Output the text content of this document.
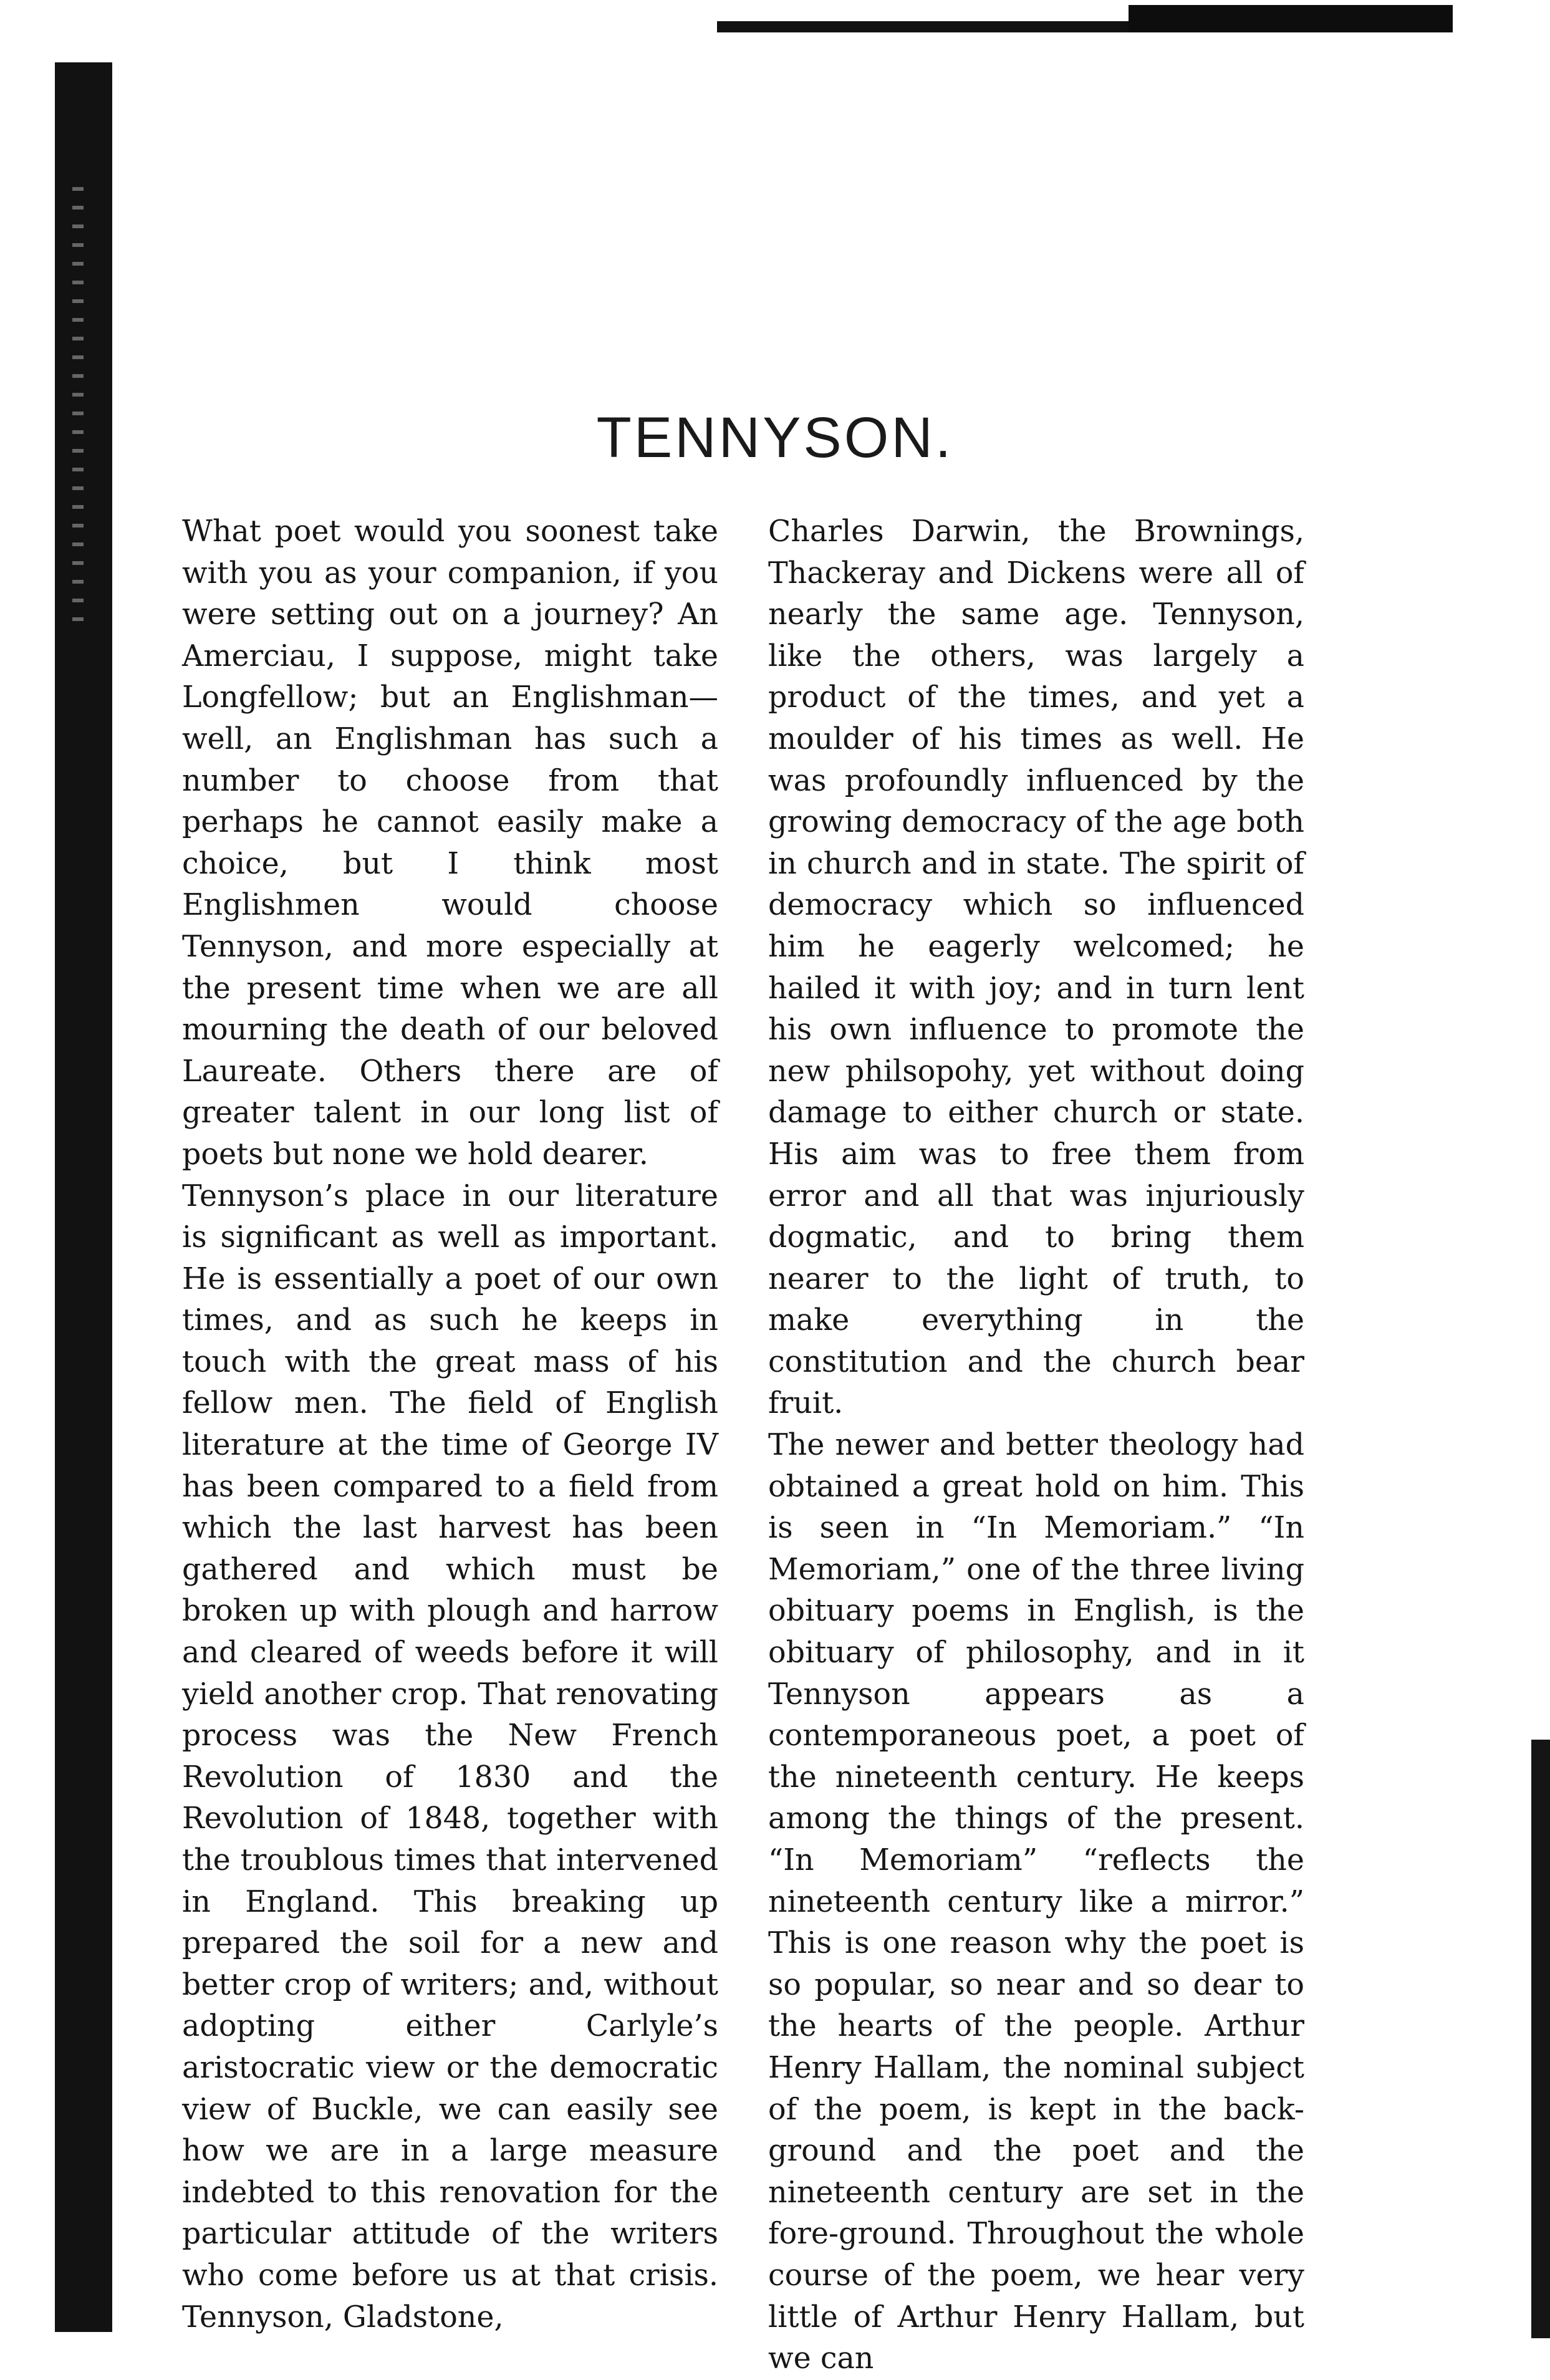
TENNYSON.

What poet would you soonest take with you as your companion, if you were setting out on a journey? An Amerciau, I suppose, might take Longfellow; but an Englishman—well, an Englishman has such a number to choose from that perhaps he cannot easily make a choice, but I think most Englishmen would choose Tennyson, and more especially at the present time when we are all mourning the death of our beloved Laureate. Others there are of greater talent in our long list of poets but none we hold dearer.

Tennyson’s place in our literature is significant as well as important. He is essentially a poet of our own times, and as such he keeps in touch with the great mass of his fellow men. The field of English literature at the time of George IV has been compared to a field from which the last harvest has been gathered and which must be broken up with plough and harrow and cleared of weeds before it will yield another crop. That renovating process was the New French Revolution of 1830 and the Revolution of 1848, together with the troublous times that intervened in England. This breaking up prepared the soil for a new and better crop of writers; and, without adopting either Carlyle’s aristocratic view or the democratic view of Buckle, we can easily see how we are in a large measure indebted to this renovation for the particular attitude of the writers who come before us at that crisis. Tennyson, Gladstone,

Charles Darwin, the Brownings, Thackeray and Dickens were all of nearly the same age. Tennyson, like the others, was largely a product of the times, and yet a moulder of his times as well. He was profoundly influenced by the growing democracy of the age both in church and in state. The spirit of democracy which so influenced him he eagerly welcomed; he hailed it with joy; and in turn lent his own influence to promote the new philsopohy, yet without doing damage to either church or state. His aim was to free them from error and all that was injuriously dogmatic, and to bring them nearer to the light of truth, to make everything in the constitution and the church bear fruit.

The newer and better theology had obtained a great hold on him. This is seen in “In Memoriam.” “In Memoriam,” one of the three living obituary poems in English, is the obituary of philosophy, and in it Tennyson appears as a contemporaneous poet, a poet of the nineteenth century. He keeps among the things of the present. “In Memoriam” “reflects the nineteenth century like a mirror.” This is one reason why the poet is so popular, so near and so dear to the hearts of the people. Arthur Henry Hallam, the nominal subject of the poem, is kept in the back-ground and the poet and the nineteenth century are set in the fore-ground. Throughout the whole course of the poem, we hear very little of Arthur Henry Hallam, but we can
